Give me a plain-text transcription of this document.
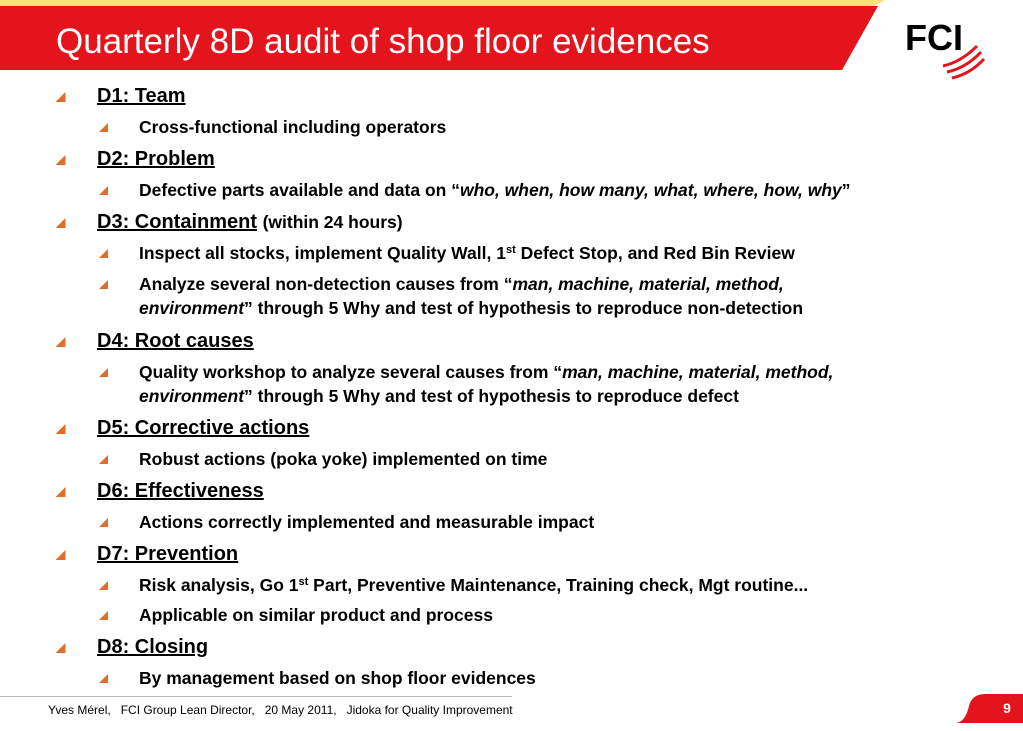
Quarterly 8D audit of shop floor evidences	FCI
D1: Team
Cross-functional including operators
D2: Problem
Defective parts available and data on “who, when, how many, what, where, how, why”
D3: Containment (within 24 hours)
Inspect all stocks, implement Quality Wall, 1st Defect Stop, and Red Bin Review
Analyze several non-detection causes from “man, machine, material, method,
environment” through 5 Why and test of hypothesis to reproduce non-detection
D4: Root causes
Quality workshop to analyze several causes from “man, machine, material, method,
environment” through 5 Why and test of hypothesis to reproduce defect
D5: Corrective actions
Robust actions (poka yoke) implemented on time
D6: Effectiveness
Actions correctly implemented and measurable impact
D7: Prevention
Risk analysis, Go 1st Part, Preventive Maintenance, Training check, Mgt routine...
Applicable on similar product and process
D8: Closing
By management based on shop floor evidences
Yves Mérel,   FCI Group Lean Director,   20 May 2011,   Jidoka for Quality Improvement	9
